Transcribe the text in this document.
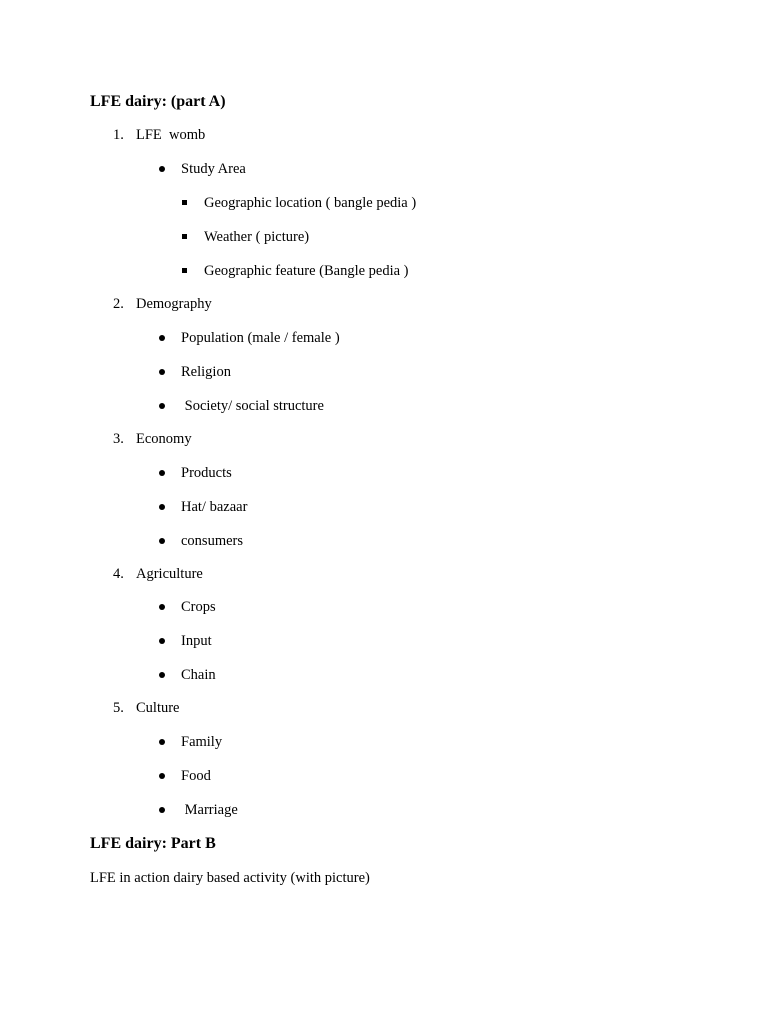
LFE dairy: (part A)
1. LFE  womb
Study Area
Geographic location ( bangle pedia )
Weather ( picture)
Geographic feature (Bangle pedia )
2. Demography
Population (male / female )
Religion
Society/ social structure
3. Economy
Products
Hat/ bazaar
consumers
4. Agriculture
Crops
Input
Chain
5. Culture
Family
Food
Marriage
LFE dairy: Part B
LFE in action dairy based activity (with picture)
